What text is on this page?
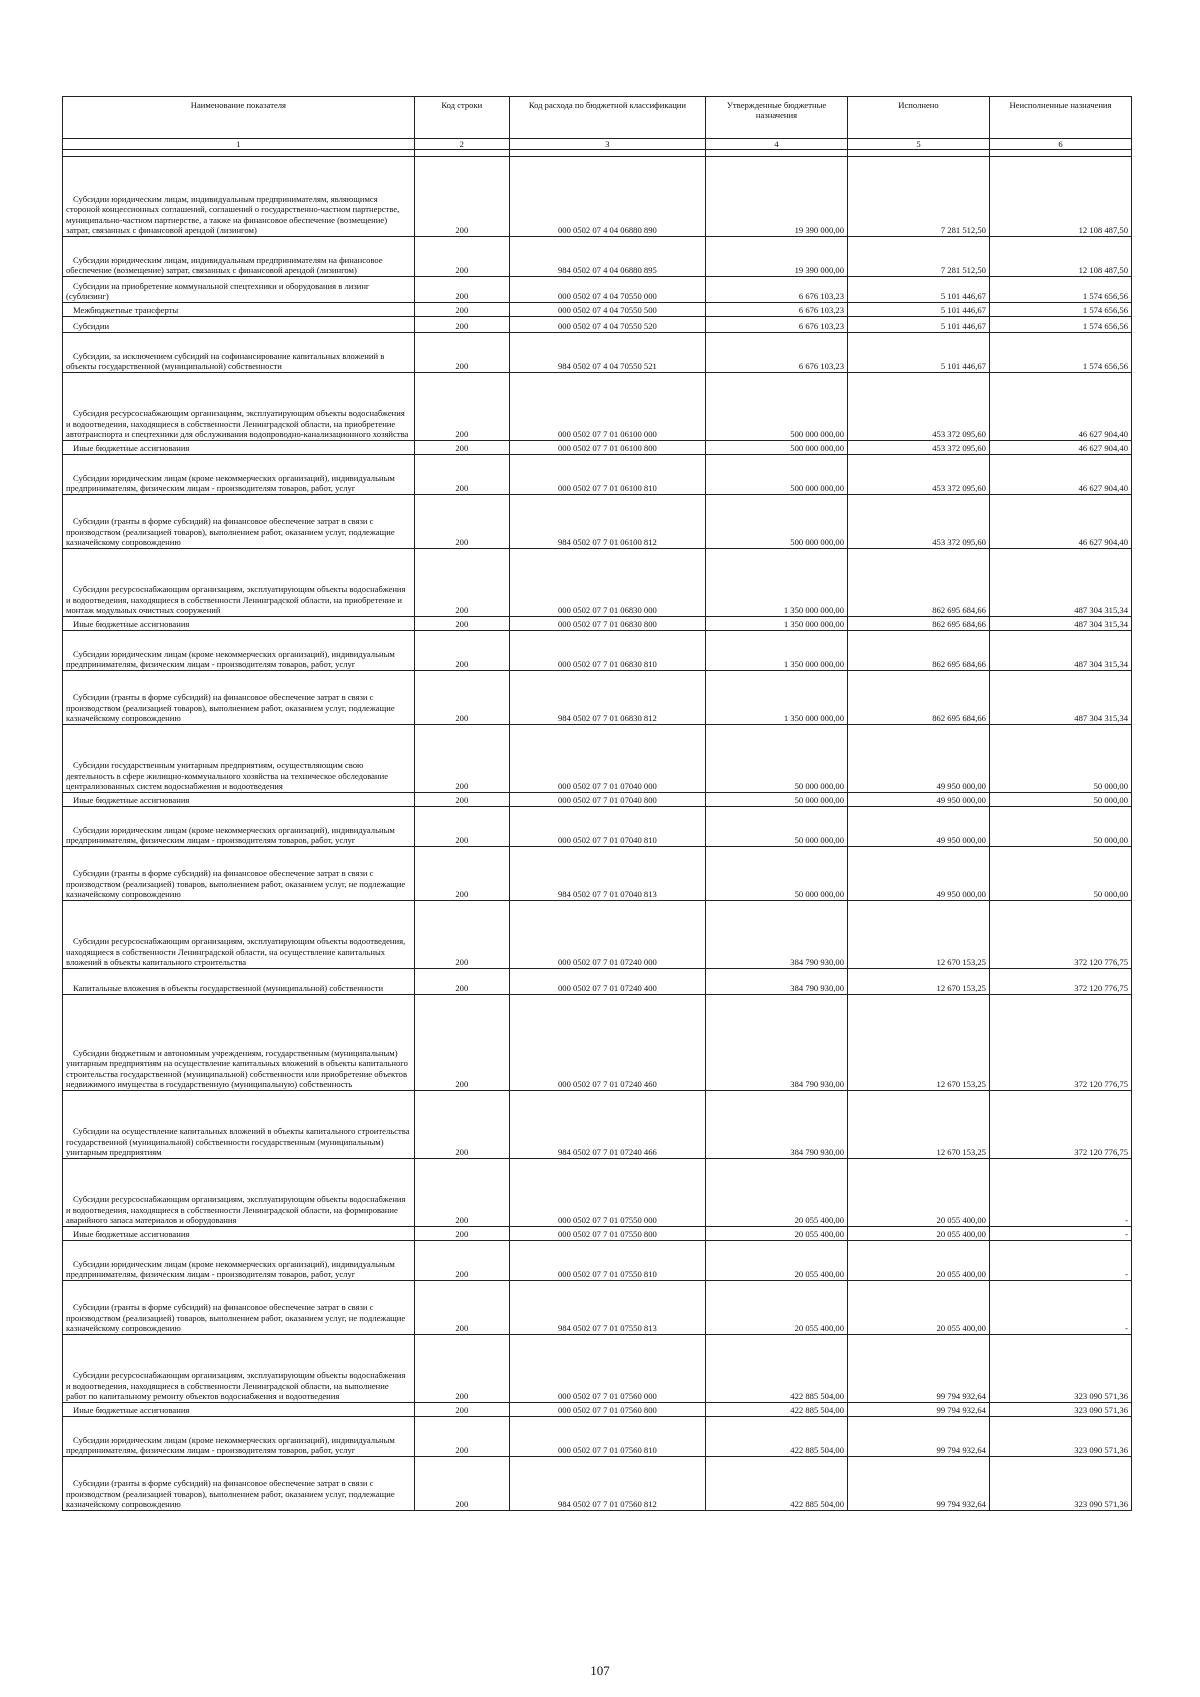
Наименование показателя	Код строки	Код расхода по бюджетной классификации	Утвержденные бюджетные назначения	Исполнено	Неисполненные назначения
1	2	3	4	5	6

Субсидии юридическим лицам, индивидуальным предпринимателям, являющимся стороной концессионных соглашений, соглашений о государственно-частном партнерстве, муниципально-частном партнерстве, а также на финансовое обеспечение (возмещение) затрат, связанных с финансовой арендой (лизингом)	200	000 0502 07 4 04 06880 890	19 390 000,00	7 281 512,50	12 108 487,50
Субсидии юридическим лицам, индивидуальным предпринимателям на финансовое обеспечение (возмещение) затрат, связанных с финансовой арендой (лизингом)	200	984 0502 07 4 04 06880 895	19 390 000,00	7 281 512,50	12 108 487,50
Субсидии на приобретение коммунальной спецтехники и оборудования в лизинг (сублизинг)	200	000 0502 07 4 04 70550 000	6 676 103,23	5 101 446,67	1 574 656,56
Межбюджетные трансферты	200	000 0502 07 4 04 70550 500	6 676 103,23	5 101 446,67	1 574 656,56
Субсидии	200	000 0502 07 4 04 70550 520	6 676 103,23	5 101 446,67	1 574 656,56
Субсидии, за исключением субсидий на софинансирование капитальных вложений в объекты государственной (муниципальной) собственности	200	984 0502 07 4 04 70550 521	6 676 103,23	5 101 446,67	1 574 656,56
Субсидия ресурсоснабжающим организациям, эксплуатирующим объекты водоснабжения и водоотведения, находящиеся в собственности Ленинградской области, на приобретение автотранспорта и спецтехники для обслуживания водопроводно-канализационного хозяйства	200	000 0502 07 7 01 06100 000	500 000 000,00	453 372 095,60	46 627 904,40
Иные бюджетные ассигнования	200	000 0502 07 7 01 06100 800	500 000 000,00	453 372 095,60	46 627 904,40
Субсидии юридическим лицам (кроме некоммерческих организаций), индивидуальным предпринимателям, физическим лицам - производителям товаров, работ, услуг	200	000 0502 07 7 01 06100 810	500 000 000,00	453 372 095,60	46 627 904,40
Субсидии (гранты в форме субсидий) на финансовое обеспечение затрат в связи с производством (реализацией товаров), выполнением работ, оказанием услуг, подлежащие казначейскому сопровождению	200	984 0502 07 7 01 06100 812	500 000 000,00	453 372 095,60	46 627 904,40
Субсидии ресурсоснабжающим организациям, эксплуатирующим объекты водоснабжения и водоотведения, находящиеся в собственности Ленинградской области, на приобретение и монтаж модульных очистных сооружений	200	000 0502 07 7 01 06830 000	1 350 000 000,00	862 695 684,66	487 304 315,34
Иные бюджетные ассигнования	200	000 0502 07 7 01 06830 800	1 350 000 000,00	862 695 684,66	487 304 315,34
Субсидии юридическим лицам (кроме некоммерческих организаций), индивидуальным предпринимателям, физическим лицам - производителям товаров, работ, услуг	200	000 0502 07 7 01 06830 810	1 350 000 000,00	862 695 684,66	487 304 315,34
Субсидии (гранты в форме субсидий) на финансовое обеспечение затрат в связи с производством (реализацией товаров), выполнением работ, оказанием услуг, подлежащие казначейскому сопровождению	200	984 0502 07 7 01 06830 812	1 350 000 000,00	862 695 684,66	487 304 315,34
Субсидии государственным унитарным предприятиям, осуществляющим свою деятельность в сфере жилищно-коммунального хозяйства на техническое обследование централизованных систем водоснабжения и водоотведения	200	000 0502 07 7 01 07040 000	50 000 000,00	49 950 000,00	50 000,00
Иные бюджетные ассигнования	200	000 0502 07 7 01 07040 800	50 000 000,00	49 950 000,00	50 000,00
Субсидии юридическим лицам (кроме некоммерческих организаций), индивидуальным предпринимателям, физическим лицам - производителям товаров, работ, услуг	200	000 0502 07 7 01 07040 810	50 000 000,00	49 950 000,00	50 000,00
Субсидии (гранты в форме субсидий) на финансовое обеспечение затрат в связи с производством (реализацией) товаров, выполнением работ, оказанием услуг, не подлежащие казначейскому сопровождению	200	984 0502 07 7 01 07040 813	50 000 000,00	49 950 000,00	50 000,00
Субсидии ресурсоснабжающим организациям, эксплуатирующим объекты водоотведения, находящиеся в собственности Ленинградской области, на осуществление капитальных вложений в объекты капитального строительства	200	000 0502 07 7 01 07240 000	384 790 930,00	12 670 153,25	372 120 776,75
Капитальные вложения в объекты государственной (муниципальной) собственности	200	000 0502 07 7 01 07240 400	384 790 930,00	12 670 153,25	372 120 776,75
Субсидии бюджетным и автономным учреждениям, государственным (муниципальным) унитарным предприятиям на осуществление капитальных вложений в объекты капитального строительства государственной (муниципальной) собственности или приобретение объектов недвижимого имущества в государственную (муниципальную) собственность	200	000 0502 07 7 01 07240 460	384 790 930,00	12 670 153,25	372 120 776,75
Субсидии на осуществление капитальных вложений в объекты капитального строительства государственной (муниципальной) собственности государственным (муниципальным) унитарным предприятиям	200	984 0502 07 7 01 07240 466	384 790 930,00	12 670 153,25	372 120 776,75
Субсидии ресурсоснабжающим организациям, эксплуатирующим объекты водоснабжения и водоотведения, находящиеся в собственности Ленинградской области, на формирование аварийного запаса материалов и оборудования	200	000 0502 07 7 01 07550 000	20 055 400,00	20 055 400,00	-
Иные бюджетные ассигнования	200	000 0502 07 7 01 07550 800	20 055 400,00	20 055 400,00	-
Субсидии юридическим лицам (кроме некоммерческих организаций), индивидуальным предпринимателям, физическим лицам - производителям товаров, работ, услуг	200	000 0502 07 7 01 07550 810	20 055 400,00	20 055 400,00	-
Субсидии (гранты в форме субсидий) на финансовое обеспечение затрат в связи с производством (реализацией) товаров, выполнением работ, оказанием услуг, не подлежащие казначейскому сопровождению	200	984 0502 07 7 01 07550 813	20 055 400,00	20 055 400,00	-
Субсидии ресурсоснабжающим организациям, эксплуатирующим объекты водоснабжения и водоотведения, находящиеся в собственности Ленинградской области, на выполнение работ по капитальному ремонту объектов водоснабжения и водоотведения	200	000 0502 07 7 01 07560 000	422 885 504,00	99 794 932,64	323 090 571,36
Иные бюджетные ассигнования	200	000 0502 07 7 01 07560 800	422 885 504,00	99 794 932,64	323 090 571,36
Субсидии юридическим лицам (кроме некоммерческих организаций), индивидуальным предпринимателям, физическим лицам - производителям товаров, работ, услуг	200	000 0502 07 7 01 07560 810	422 885 504,00	99 794 932,64	323 090 571,36
Субсидии (гранты в форме субсидий) на финансовое обеспечение затрат в связи с производством (реализацией товаров), выполнением работ, оказанием услуг, подлежащие казначейскому сопровождению	200	984 0502 07 7 01 07560 812	422 885 504,00	99 794 932,64	323 090 571,36
107
